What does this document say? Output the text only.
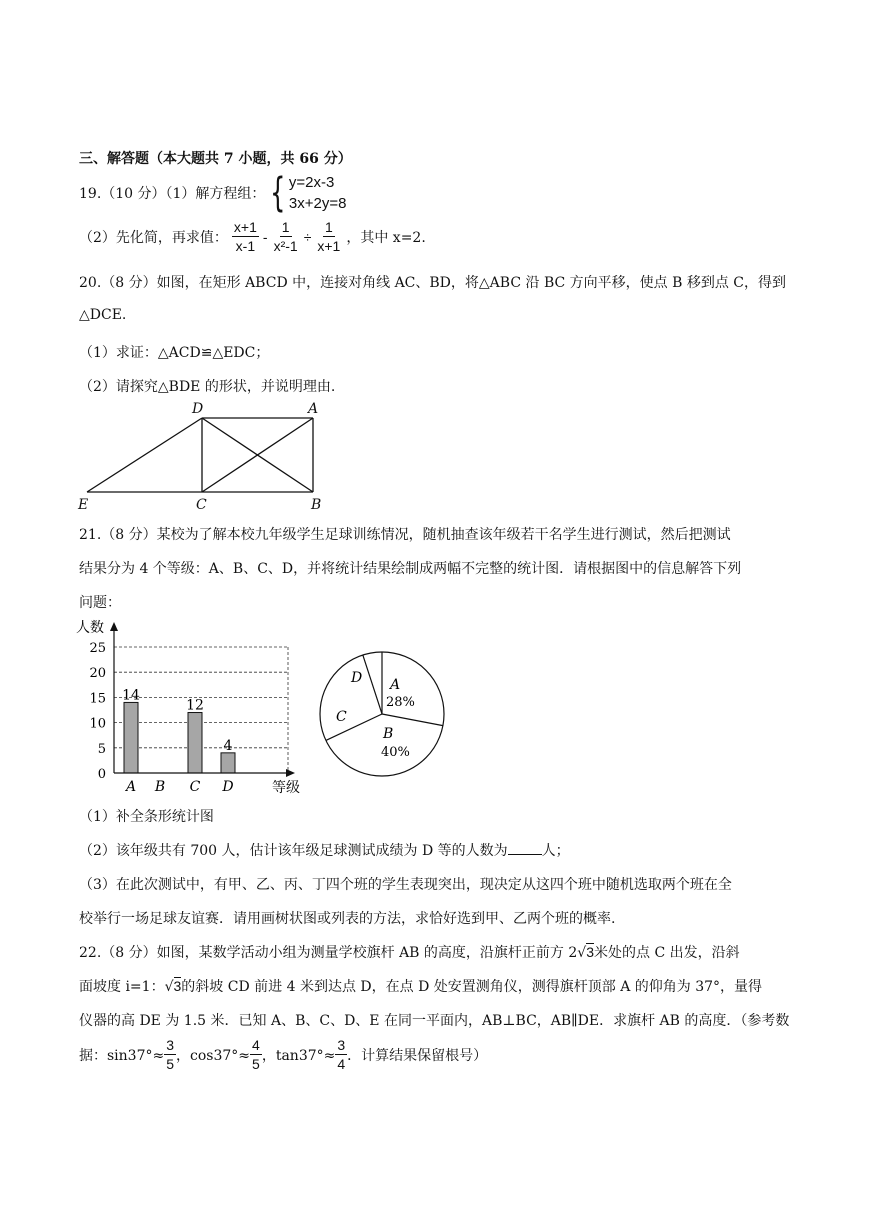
三、解答题（本大题共 7 小题，共 66 分）
19.（10 分）（1）解方程组： { y=2x-3
3x+2y=8
（2）先化简，再求值： $\frac{x+1}{x-1} - \frac{1}{\text{x²-1}} \div \frac{1}{x+1}$ ，其中 x=2.
20.（8 分）如图，在矩形 ABCD 中，连接对角线 AC、BD，将△ABC 沿 BC 方向平移，使点 B 移到点 C，得到
△DCE.
（1）求证：△ACD≌△EDC；
（2）请探究△BDE 的形状，并说明理由.
D	A
E	C	B
21.（8 分）某校为了解本校九年级学生足球训练情况，随机抽查该年级若干名学生进行测试，然后把测试
结果分为 4 个等级：A、B、C、D，并将统计结果绘制成两幅不完整的统计图．请根据图中的信息解答下列
问题：
人数
等级
0
5
10
15
20
25
A B C D
14
12
4
A
28%
B
40%
C
D
（1）补全条形统计图
（2）该年级共有 700 人，估计该年级足球测试成绩为 D 等的人数为 人；
（3）在此次测试中，有甲、乙、丙、丁四个班的学生表现突出，现决定从这四个班中随机选取两个班在全
校举行一场足球友谊赛．请用画树状图或列表的方法，求恰好选到甲、乙两个班的概率.
22.（8 分）如图，某数学活动小组为测量学校旗杆 AB 的高度，沿旗杆正前方 2√3米处的点 C 出发，沿斜
面坡度 i=1：√3的斜坡 CD 前进 4 米到达点 D，在点 D 处安置测角仪，测得旗杆顶部 A 的仰角为 37°，量得
仪器的高 DE 为 1.5 米．已知 A、B、C、D、E 在同一平面内，AB⊥BC，AB∥DE．求旗杆 AB 的高度．（参考数
据：$\sin 37^\circ\approx \frac{3}{5}$ ，$\cos 37^\circ\approx \frac{4}{5}$ ，$\tan 37^\circ\approx \frac{3}{4}$ ．计算结果保留根号）
